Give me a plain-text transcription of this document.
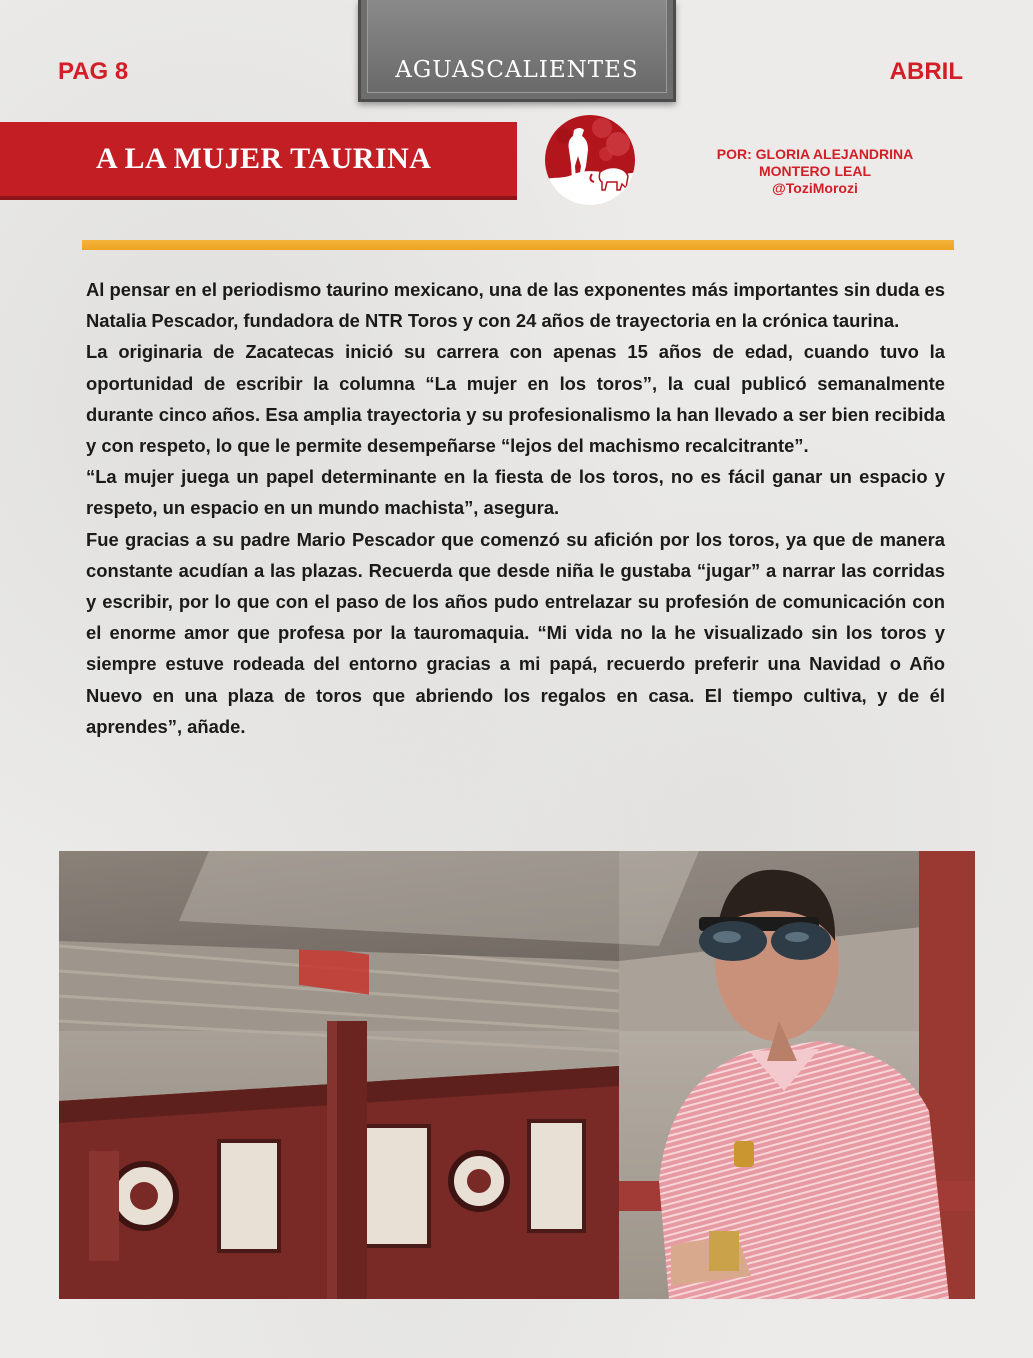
PAG 8	AGUASCALIENTES	ABRIL
A LA MUJER TAURINA	POR: GLORIA ALEJANDRINA
MONTERO LEAL
@ToziMorozi

Al pensar en el periodismo taurino mexicano, una de las exponentes más importantes sin duda es Natalia Pescador, fundadora de NTR Toros y con 24 años de trayectoria en la crónica taurina.

La originaria de Zacatecas inició su carrera con apenas 15 años de edad, cuando tuvo la oportunidad de escribir la columna “La mujer en los toros”, la cual publicó semanalmente durante cinco años. Esa amplia trayectoria y su profesionalismo la han llevado a ser bien recibida y con respeto, lo que le permite desempeñarse “lejos del machismo recalcitrante”.

“La mujer juega un papel determinante en la fiesta de los toros, no es fácil ganar un espacio y respeto, un espacio en un mundo machista”, asegura.

Fue gracias a su padre Mario Pescador que comenzó su afición por los toros, ya que de manera constante acudían a las plazas. Recuerda que desde niña le gustaba “jugar” a narrar las corridas y escribir, por lo que con el paso de los años pudo entrelazar su profesión de comunicación con el enorme amor que profesa por la tauromaquia. “Mi vida no la he visualizado sin los toros y siempre estuve rodeada del entorno gracias a mi papá, recuerdo preferir una Navidad o Año Nuevo en una plaza de toros que abriendo los regalos en casa. El tiempo cultiva, y de él aprendes”, añade.
